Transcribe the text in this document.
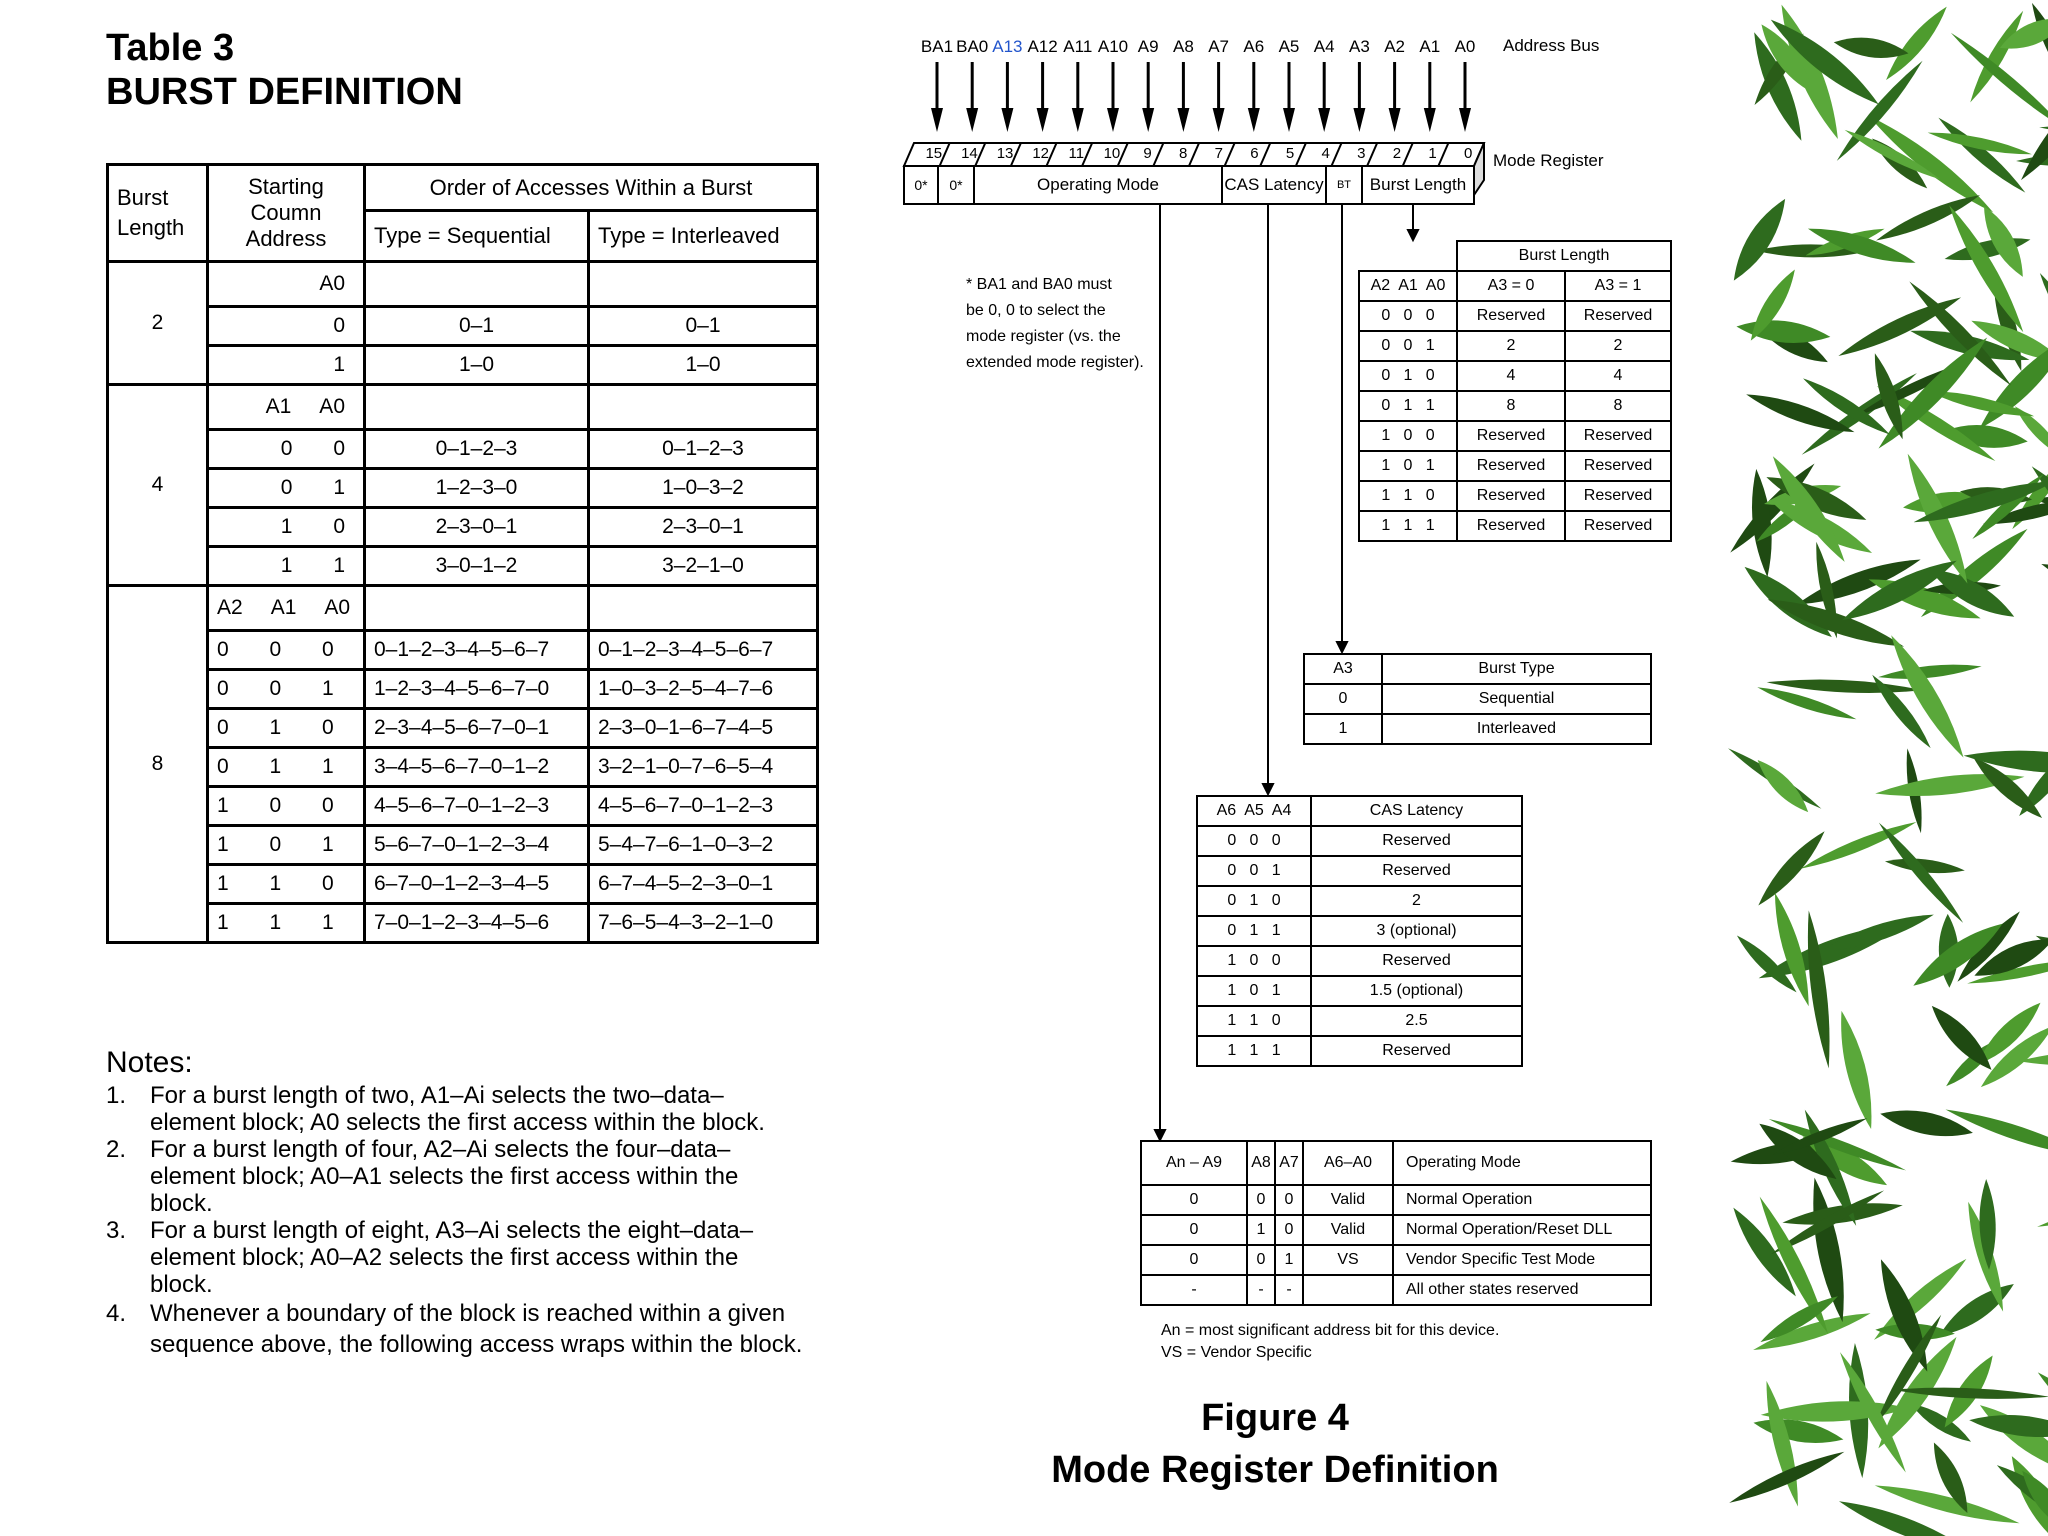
Table 3
BURST DEFINITION
Burst
Length	Starting
Coumn
Address	Order of Accesses Within a Burst	
		Type = Sequential	Type = Interleaved
2	A0		
	0	0–1	0–1
	1	1–0	1–0
4	A1     A0		
	0       0	0–1–2–3	0–1–2–3
	0       1	1–2–3–0	1–0–3–2
	1       0	2–3–0–1	2–3–0–1
	1       1	3–0–1–2	3–2–1–0
8	A2     A1     A0		
	0       0       0	0–1–2–3–4–5–6–7	0–1–2–3–4–5–6–7
	0       0       1	1–2–3–4–5–6–7–0	1–0–3–2–5–4–7–6
	0       1       0	2–3–4–5–6–7–0–1	2–3–0–1–6–7–4–5
	0       1       1	3–4–5–6–7–0–1–2	3–2–1–0–7–6–5–4
	1       0       0	4–5–6–7–0–1–2–3	4–5–6–7–0–1–2–3
	1       0       1	5–6–7–0–1–2–3–4	5–4–7–6–1–0–3–2
	1       1       0	6–7–0–1–2–3–4–5	6–7–4–5–2–3–0–1
	1       1       1	7–0–1–2–3–4–5–6	7–6–5–4–3–2–1–0
Notes:
1. For a burst length of two, A1–Ai selects the two–data–element block; A0 selects the first access within the block.
2. For a burst length of four, A2–Ai selects the four–data–element block; A0–A1 selects the first access within the block.
3. For a burst length of eight, A3–Ai selects the eight–data–element block; A0–A2 selects the first access within the block.
4. Whenever a boundary of the block is reached within a given sequence above, the following access wraps within the block.
BA1 BA0 A13 A12 A11 A10 A9 A8 A7 A6 A5 A4 A3 A2 A1 A0	Address Bus
15	14	13	12	11	10	9	8	7	6	5	4	3	2	1	0
0*	0*	Operating Mode	CAS Latency	BT	Burst Length
Mode Register
* BA1 and BA0 must
be 0, 0 to select the
mode register (vs. the
extended mode register).
	Burst Length	
A2  A1  A0	A3 = 0	A3 = 1
0   0   0	Reserved	Reserved
0   0   1	2	2
0   1   0	4	4
0   1   1	8	8
1   0   0	Reserved	Reserved
1   0   1	Reserved	Reserved
1   1   0	Reserved	Reserved
1   1   1	Reserved	Reserved
A3	Burst Type
0	Sequential
1	Interleaved
A6  A5  A4	CAS Latency
0   0   0	Reserved
0   0   1	Reserved
0   1   0	2
0   1   1	3 (optional)
1   0   0	Reserved
1   0   1	1.5 (optional)
1   1   0	2.5
1   1   1	Reserved
An – A9	A8	A7	A6–A0	Operating Mode
0	0	0	Valid	Normal Operation
0	1	0	Valid	Normal Operation/Reset DLL
0	0	1	VS	Vendor Specific Test Mode
-	-	-		All other states reserved
An = most significant address bit for this device.
VS = Vendor Specific
Figure 4
Mode Register Definition
